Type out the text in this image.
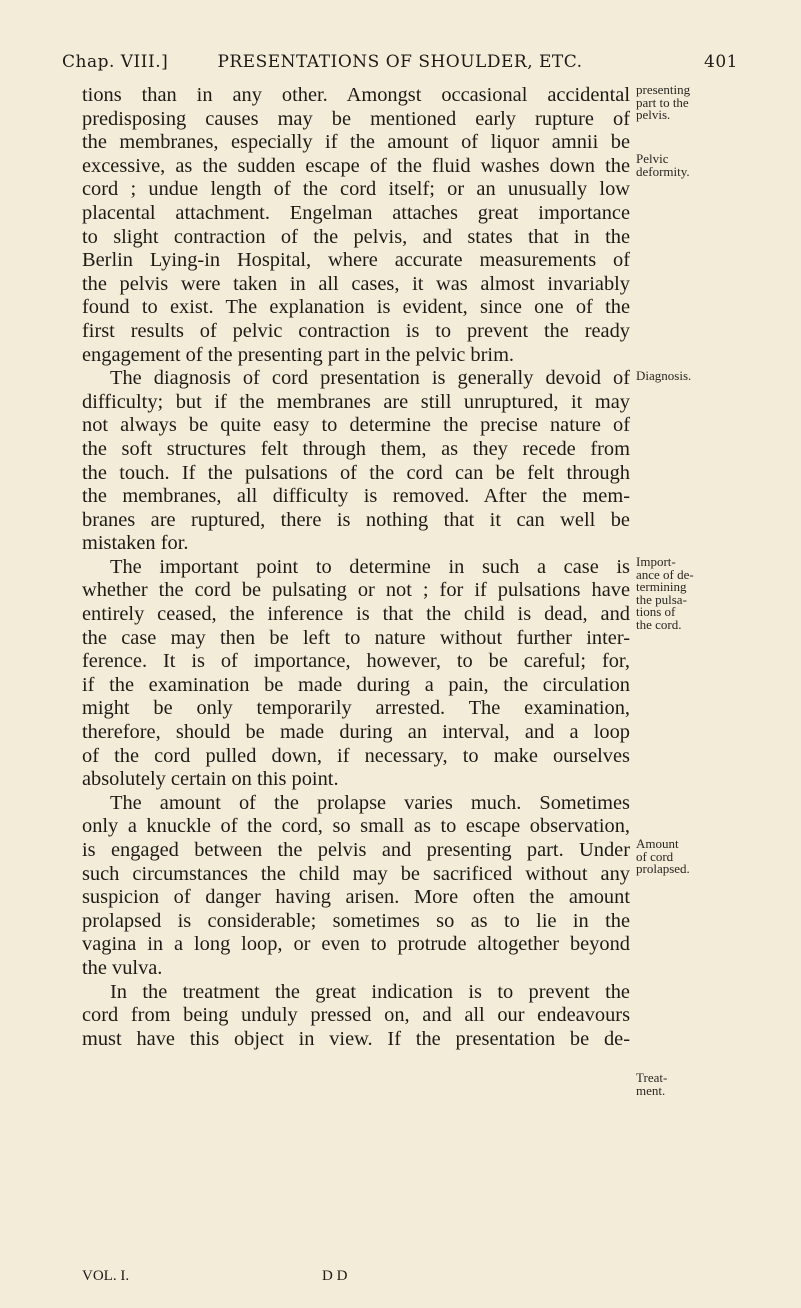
Chap. VIII.]	PRESENTATIONS OF SHOULDER, ETC.	401
tions than in any other. Amongst occasional accidental
predisposing causes may be mentioned early rupture of
the membranes, especially if the amount of liquor amnii be
excessive, as the sudden escape of the fluid washes down the
cord ; undue length of the cord itself; or an unusually low
placental attachment. Engelman attaches great importance
to slight contraction of the pelvis, and states that in the
Berlin Lying-in Hospital, where accurate measurements of
the pelvis were taken in all cases, it was almost invariably
found to exist. The explanation is evident, since one of the
first results of pelvic contraction is to prevent the ready
engagement of the presenting part in the pelvic brim.
The diagnosis of cord presentation is generally devoid of
difficulty; but if the membranes are still unruptured, it may
not always be quite easy to determine the precise nature of
the soft structures felt through them, as they recede from
the touch. If the pulsations of the cord can be felt through
the membranes, all difficulty is removed. After the mem-
branes are ruptured, there is nothing that it can well be
mistaken for.
The important point to determine in such a case is
whether the cord be pulsating or not ; for if pulsations have
entirely ceased, the inference is that the child is dead, and
the case may then be left to nature without further inter-
ference. It is of importance, however, to be careful; for,
if the examination be made during a pain, the circulation
might be only temporarily arrested. The examination,
therefore, should be made during an interval, and a loop
of the cord pulled down, if necessary, to make ourselves
absolutely certain on this point.
The amount of the prolapse varies much. Sometimes
only a knuckle of the cord, so small as to escape observation,
is engaged between the pelvis and presenting part. Under
such circumstances the child may be sacrificed without any
suspicion of danger having arisen. More often the amount
prolapsed is considerable; sometimes so as to lie in the
vagina in a long loop, or even to protrude altogether beyond
the vulva.
In the treatment the great indication is to prevent the
cord from being unduly pressed on, and all our endeavours
must have this object in view. If the presentation be de-
presenting
part to the
pelvis.
Pelvic
deformity.
Diagnosis.
Import-
ance of de-
termining
the pulsa-
tions of
the cord.
Amount
of cord
prolapsed.
Treat-
ment.
VOL. I.	D D
